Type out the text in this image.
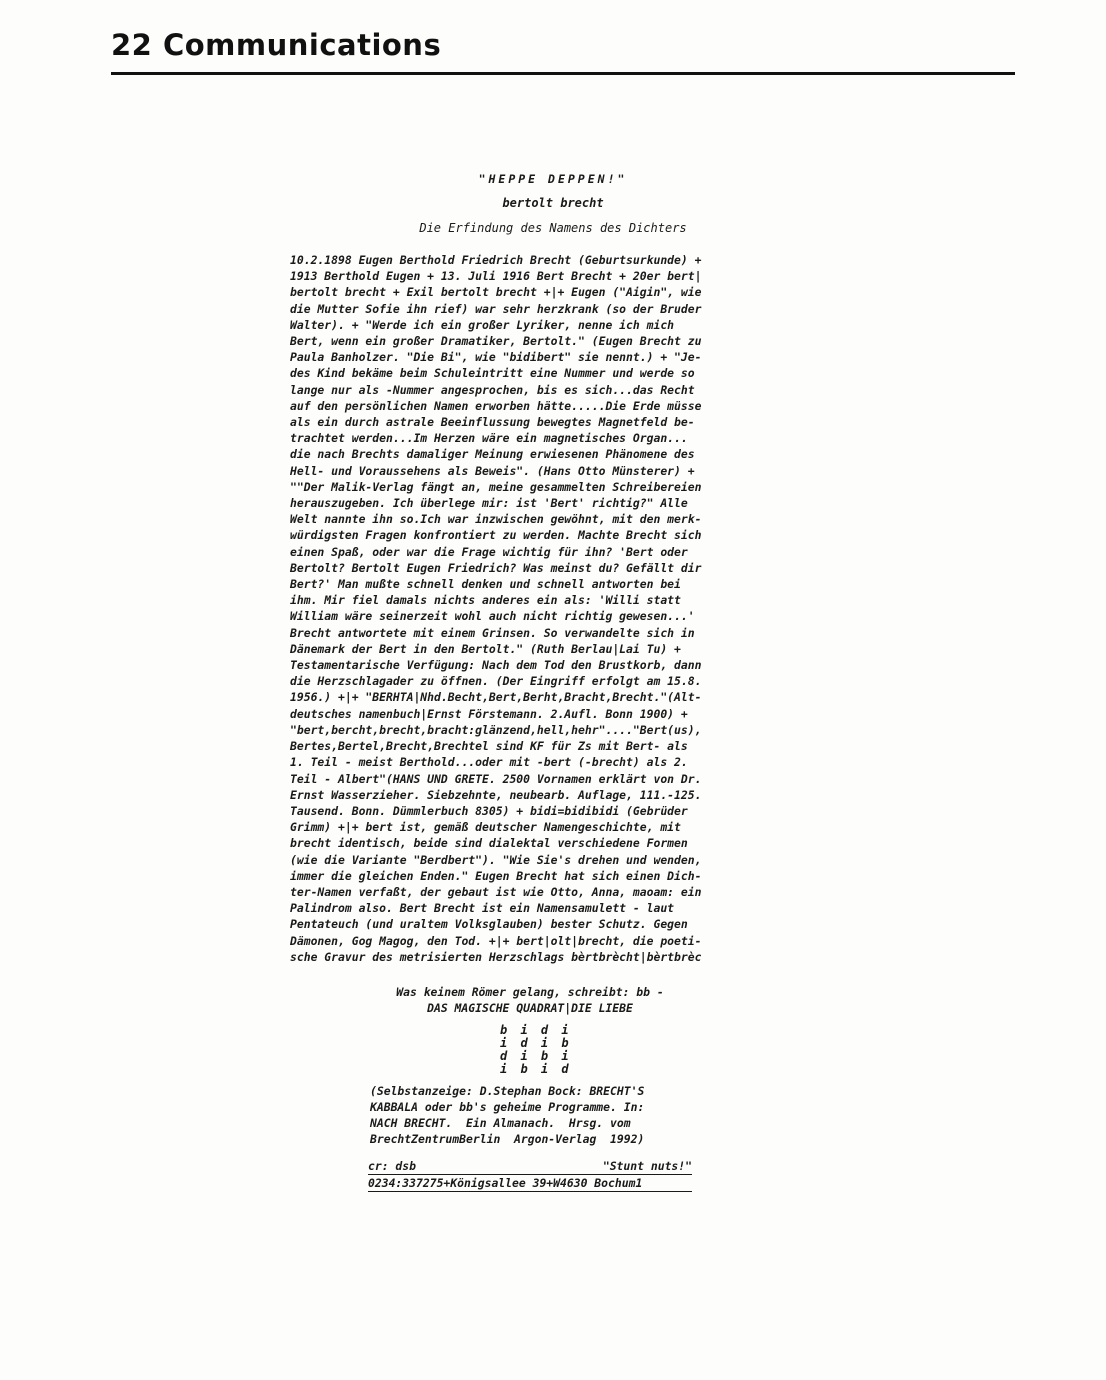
22 Communications
"HEPPE DEPPEN!"
bertolt brecht
Die Erfindung des Namens des Dichters
10.2.1898 Eugen Berthold Friedrich Brecht (Geburtsurkunde) +
1913 Berthold Eugen + 13. Juli 1916 Bert Brecht + 20er bert|
bertolt brecht + Exil bertolt brecht +|+ Eugen ("Aigin", wie
die Mutter Sofie ihn rief) war sehr herzkrank (so der Bruder
Walter). + "Werde ich ein großer Lyriker, nenne ich mich
Bert, wenn ein großer Dramatiker, Bertolt." (Eugen Brecht zu
Paula Banholzer. "Die Bi", wie "bidibert" sie nennt.) + "Je-
des Kind bekäme beim Schuleintritt eine Nummer und werde so
lange nur als -Nummer angesprochen, bis es sich...das Recht
auf den persönlichen Namen erworben hätte.....Die Erde müsse
als ein durch astrale Beeinflussung bewegtes Magnetfeld be-
trachtet werden...Im Herzen wäre ein magnetisches Organ...
die nach Brechts damaliger Meinung erwiesenen Phänomene des
Hell- und Voraussehens als Beweis". (Hans Otto Münsterer) +
""Der Malik-Verlag fängt an, meine gesammelten Schreibereien
herauszugeben. Ich überlege mir: ist 'Bert' richtig?" Alle
Welt nannte ihn so.Ich war inzwischen gewöhnt, mit den merk-
würdigsten Fragen konfrontiert zu werden. Machte Brecht sich
einen Spaß, oder war die Frage wichtig für ihn? 'Bert oder
Bertolt? Bertolt Eugen Friedrich? Was meinst du? Gefällt dir
Bert?' Man mußte schnell denken und schnell antworten bei
ihm. Mir fiel damals nichts anderes ein als: 'Willi statt
William wäre seinerzeit wohl auch nicht richtig gewesen...'
Brecht antwortete mit einem Grinsen. So verwandelte sich in
Dänemark der Bert in den Bertolt." (Ruth Berlau|Lai Tu) +
Testamentarische Verfügung: Nach dem Tod den Brustkorb, dann
die Herzschlagader zu öffnen. (Der Eingriff erfolgt am 15.8.
1956.) +|+ "BERHTA|Nhd.Becht,Bert,Berht,Bracht,Brecht."(Alt-
deutsches namenbuch|Ernst Förstemann. 2.Aufl. Bonn 1900) +
"bert,bercht,brecht,bracht:glänzend,hell,hehr"...."Bert(us),
Bertes,Bertel,Brecht,Brechtel sind KF für Zs mit Bert- als
1. Teil - meist Berthold...oder mit -bert (-brecht) als 2.
Teil - Albert"(HANS UND GRETE. 2500 Vornamen erklärt von Dr.
Ernst Wasserzieher. Siebzehnte, neubearb. Auflage, 111.-125.
Tausend. Bonn. Dümmlerbuch 8305) + bidi=bidibidi (Gebrüder
Grimm) +|+ bert ist, gemäß deutscher Namengeschichte, mit
brecht identisch, beide sind dialektal verschiedene Formen
(wie die Variante "Berdbert"). "Wie Sie's drehen und wenden,
immer die gleichen Enden." Eugen Brecht hat sich einen Dich-
ter-Namen verfaßt, der gebaut ist wie Otto, Anna, maoam: ein
Palindrom also. Bert Brecht ist ein Namensamulett - laut
Pentateuch (und uraltem Volksglauben) bester Schutz. Gegen
Dämonen, Gog Magog, den Tod. +|+ bert|olt|brecht, die poeti-
sche Gravur des metrisierten Herzschlags bèrtbrècht|bèrtbrèc
Was keinem Römer gelang, schreibt: bb -
DAS MAGISCHE QUADRAT|DIE LIEBE
b i d i
i d i b
d i b i
i b i d
(Selbstanzeige: D.Stephan Bock: BRECHT'S
KABBALA oder bb's geheime Programme. In:
NACH BRECHT.  Ein Almanach.  Hrsg. vom
BrechtZentrumBerlin  Argon-Verlag  1992)
cr: dsb	"Stunt nuts!"
0234:337275+Königsallee 39+W4630 Bochum1
